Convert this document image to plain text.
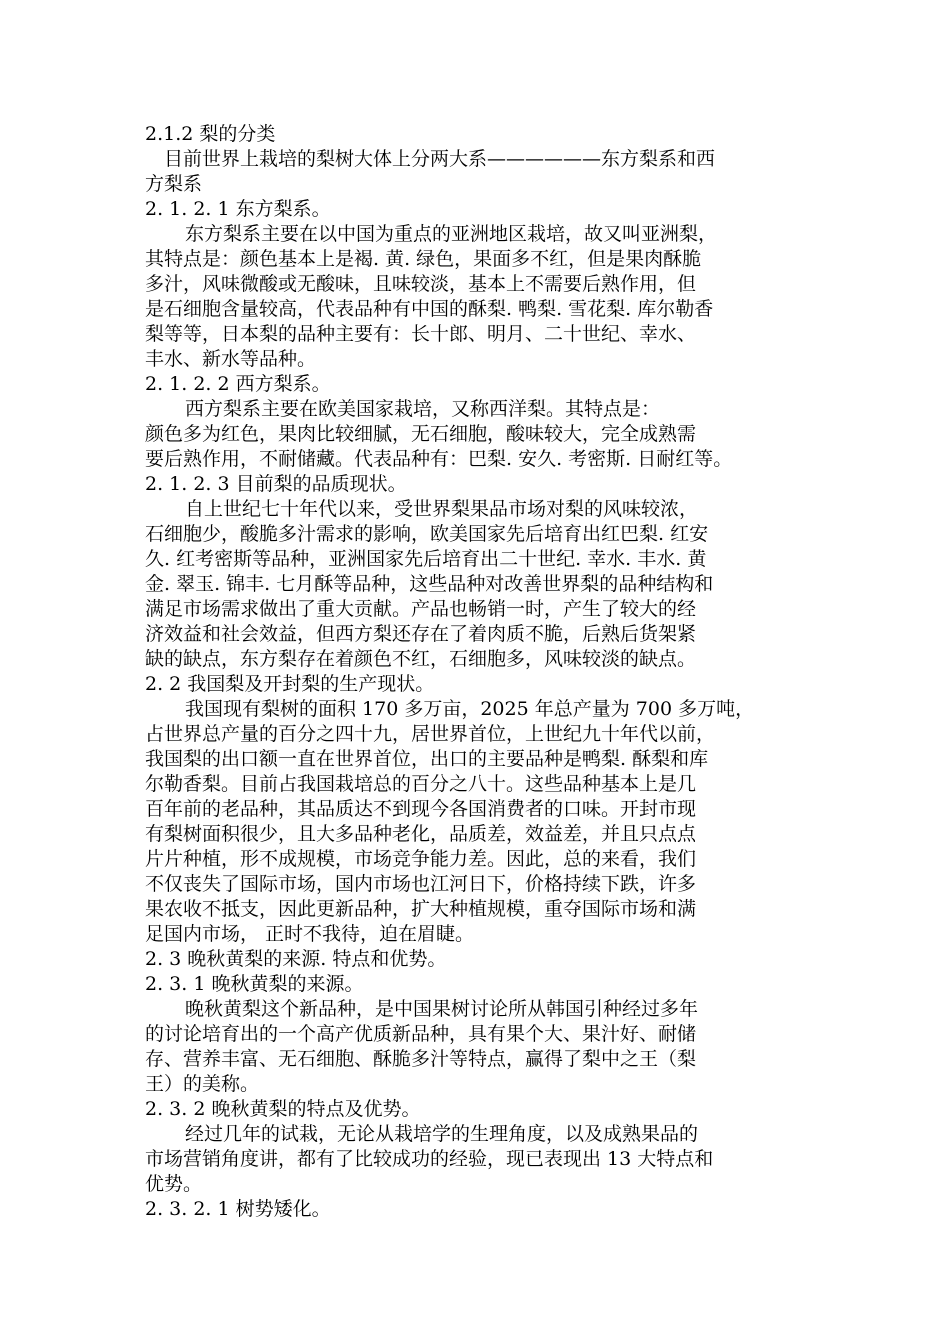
2.1.2 梨的分类

目前世界上栽培的梨树大体上分两大系——————东方梨系和西
方梨系

2. 1. 2. 1 东方梨系。

东方梨系主要在以中国为重点的亚洲地区栽培，故又叫亚洲梨，
其特点是：颜色基本上是褐. 黄. 绿色，果面多不红，但是果肉酥脆
多汁，风味微酸或无酸味，且味较淡，基本上不需要后熟作用，但
是石细胞含量较高，代表品种有中国的酥梨. 鸭梨. 雪花梨. 库尔勒香
梨等等，日本梨的品种主要有：长十郎、明月、二十世纪、幸水、
丰水、新水等品种。

2. 1. 2. 2 西方梨系。

西方梨系主要在欧美国家栽培，又称西洋梨。其特点是：
颜色多为红色，果肉比较细腻，无石细胞，酸味较大，完全成熟需
要后熟作用，不耐储藏。代表品种有：巴梨. 安久. 考密斯. 日耐红等。

2. 1. 2. 3 目前梨的品质现状。

自上世纪七十年代以来，受世界梨果品市场对梨的风味较浓，
石细胞少，酸脆多汁需求的影响，欧美国家先后培育出红巴梨. 红安
久. 红考密斯等品种，亚洲国家先后培育出二十世纪. 幸水. 丰水. 黄
金. 翠玉. 锦丰. 七月酥等品种，这些品种对改善世界梨的品种结构和
满足市场需求做出了重大贡献。产品也畅销一时，产生了较大的经
济效益和社会效益，但西方梨还存在了着肉质不脆，后熟后货架紧
缺的缺点，东方梨存在着颜色不红，石细胞多，风味较淡的缺点。

2. 2 我国梨及开封梨的生产现状。

我国现有梨树的面积 170 多万亩，2025 年总产量为 700 多万吨，
占世界总产量的百分之四十九，居世界首位，上世纪九十年代以前，
我国梨的出口额一直在世界首位，出口的主要品种是鸭梨. 酥梨和库
尔勒香梨。目前占我国栽培总的百分之八十。这些品种基本上是几
百年前的老品种，其品质达不到现今各国消费者的口味。开封市现
有梨树面积很少，且大多品种老化，品质差，效益差，并且只点点
片片种植，形不成规模，市场竞争能力差。因此，总的来看，我们
不仅丧失了国际市场，国内市场也江河日下，价格持续下跌，许多
果农收不抵支，因此更新品种，扩大种植规模，重夺国际市场和满
足国内市场， 正时不我待，迫在眉睫。

2. 3 晚秋黄梨的来源. 特点和优势。

2. 3. 1 晚秋黄梨的来源。

晚秋黄梨这个新品种，是中国果树讨论所从韩国引种经过多年
的讨论培育出的一个高产优质新品种，具有果个大、果汁好、耐储
存、营养丰富、无石细胞、酥脆多汁等特点，赢得了梨中之王（梨
王）的美称。

2. 3. 2 晚秋黄梨的特点及优势。

经过几年的试栽，无论从栽培学的生理角度，以及成熟果品的
市场营销角度讲，都有了比较成功的经验，现已表现出 13 大特点和
优势。

2. 3. 2. 1 树势矮化。
